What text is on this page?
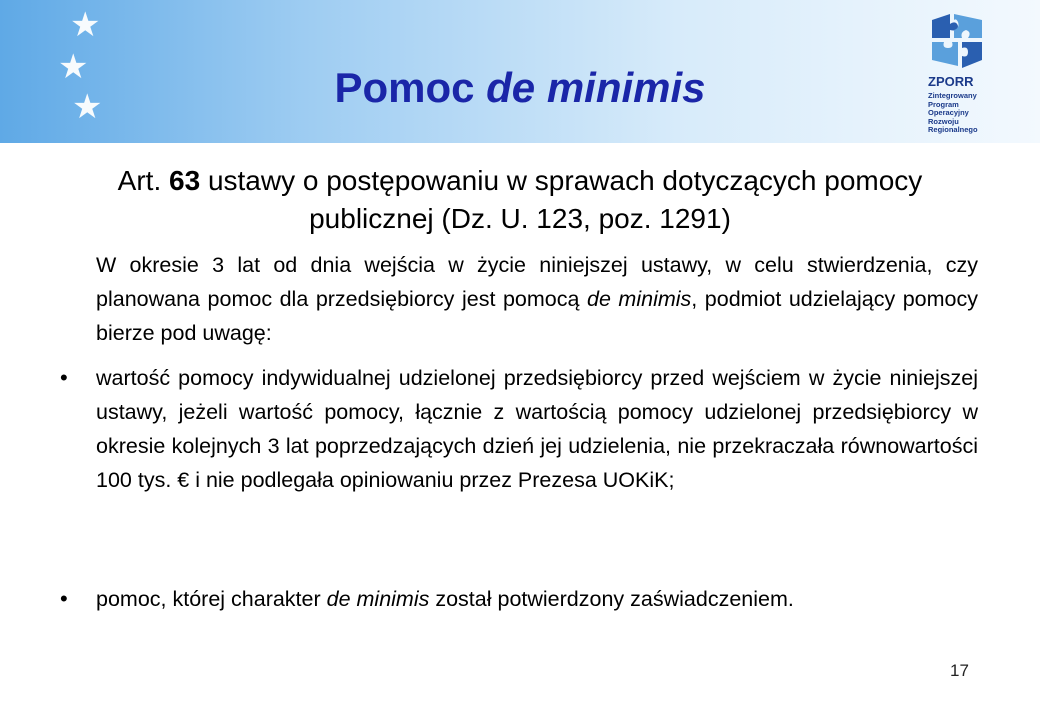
★
★
★	Pomoc de minimis	ZPORR
Zintegrowany
Program
Operacyjny
Rozwoju
Regionalnego
Art. 63 ustawy o postępowaniu w sprawach dotyczących pomocy publicznej (Dz. U. 123, poz. 1291)
W okresie 3 lat od dnia wejścia w życie niniejszej ustawy, w celu stwierdzenia, czy planowana pomoc dla przedsiębiorcy jest pomocą de minimis, podmiot udzielający pomocy bierze pod uwagę:
• wartość pomocy indywidualnej udzielonej przedsiębiorcy przed wejściem w życie niniejszej ustawy, jeżeli wartość pomocy, łącznie z wartością pomocy udzielonej przedsiębiorcy w okresie kolejnych 3 lat poprzedzających dzień jej udzielenia, nie przekraczała równowartości 100 tys. € i nie podlegała opiniowaniu przez Prezesa UOKiK;
• pomoc, której charakter de minimis został potwierdzony zaświadczeniem.
17
